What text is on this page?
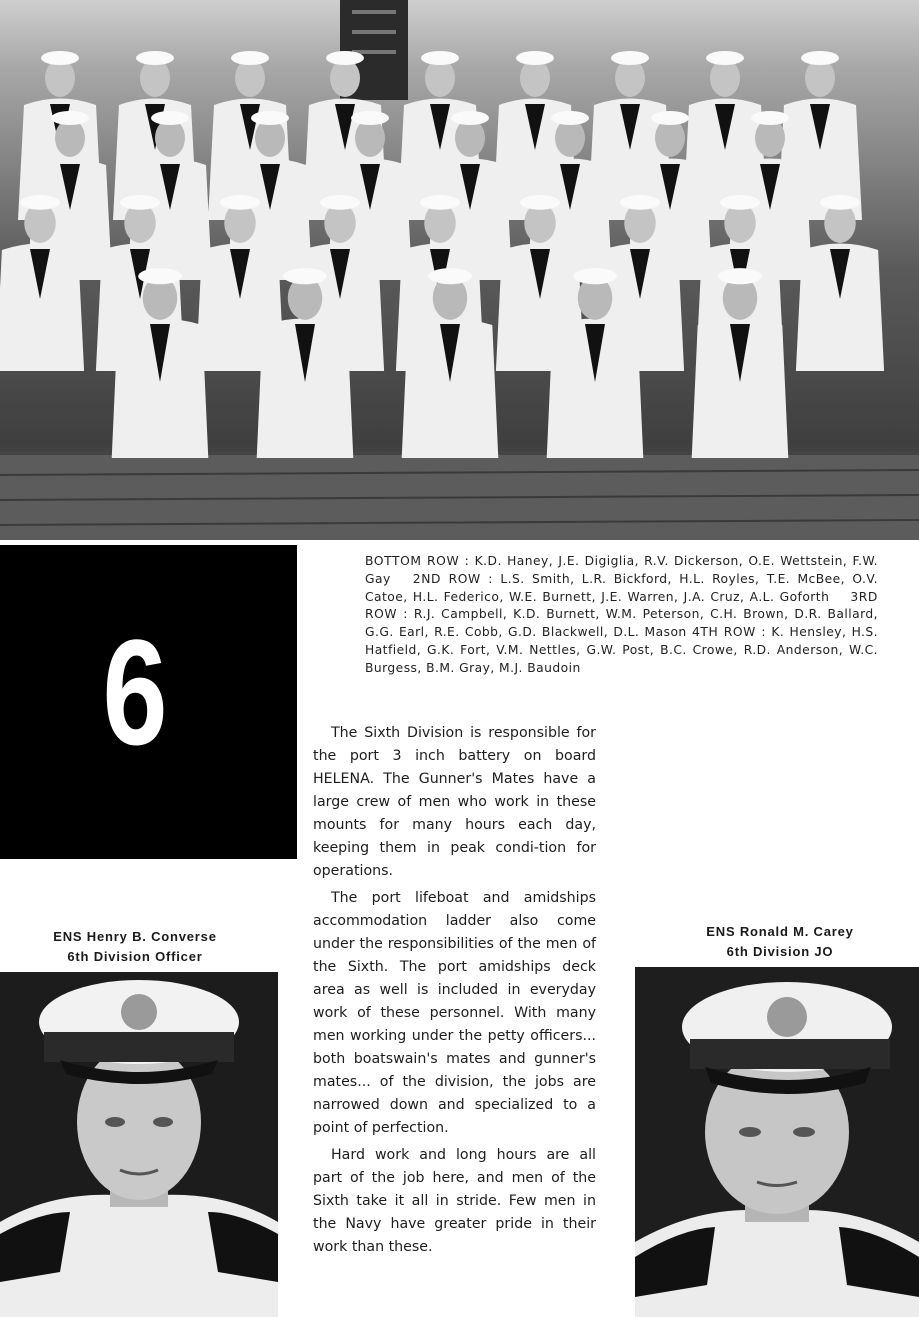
6
BOTTOM ROW : K.D. Haney, J.E. Digiglia, R.V. Dickerson, O.E. Wettstein, F.W. Gay 2ND ROW : L.S. Smith, L.R. Bickford, H.L. Royles, T.E. McBee, O.V. Catoe, H.L. Federico, W.E. Burnett, J.E. Warren, J.A. Cruz, A.L. Goforth 3RD ROW : R.J. Campbell, K.D. Burnett, W.M. Peterson, C.H. Brown, D.R. Ballard, G.G. Earl, R.E. Cobb, G.D. Blackwell, D.L. Mason 4TH ROW : K. Hensley, H.S. Hatfield, G.K. Fort, V.M. Nettles, G.W. Post, B.C. Crowe, R.D. Anderson, W.C. Burgess, B.M. Gray, M.J. Baudoin

The Sixth Division is responsible for the port 3 inch battery on board HELENA. The Gunner's Mates have a large crew of men who work in these mounts for many hours each day, keeping them in peak condi-tion for operations.

The port lifeboat and amidships accommodation ladder also come under the responsibilities of the men of the Sixth. The port amidships deck area as well is included in everyday work of these personnel. With many men working under the petty officers... both boatswain's mates and gunner's mates... of the division, the jobs are narrowed down and specialized to a point of perfection.

Hard work and long hours are all part of the job here, and men of the Sixth take it all in stride. Few men in the Navy have greater pride in their work than these.

ENS Henry B. Converse
6th Division Officer
ENS Ronald M. Carey
6th Division JO
